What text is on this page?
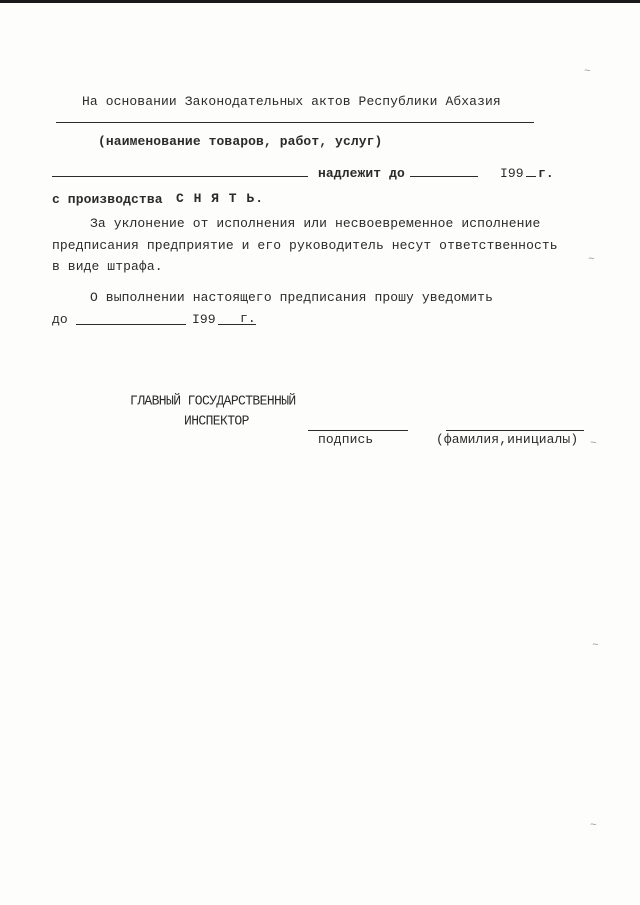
На основании Законодательных актов Республики Абхазия
(наименование товаров, работ, услуг)
надлежит до	I99 г.
с производства С Н Я Т Ь.
За уклонение от исполнения или несвоевременное исполнение
предписания предприятие и его руководитель несут ответственность
в виде штрафа.
О выполнении настоящего предписания прошу уведомить
до	I99 г.
ГЛАВНЫЙ ГОСУДАРСТВЕННЫЙ
ИНСПЕКТОР
подпись	(фамилия,инициалы)
~
~
~
~
~
